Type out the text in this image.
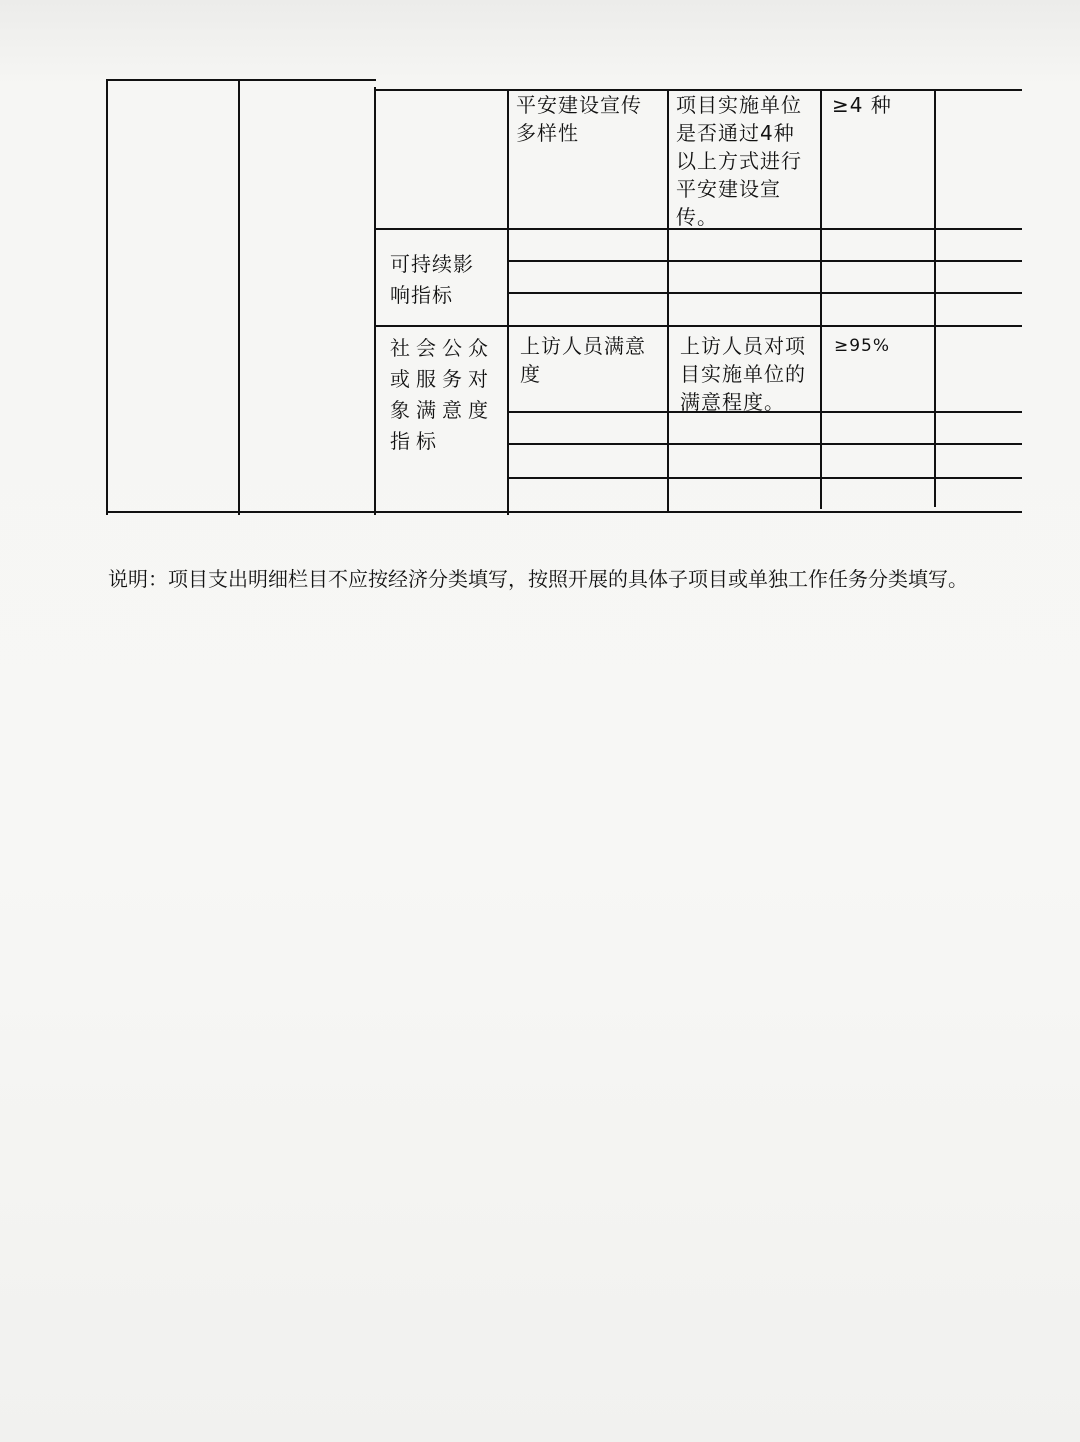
平安建设宣传多样性
项目实施单位是否通过4种以上方式进行平安建设宣传。
≥4 种
可持续影响指标
社会公众或服务对象满意度指标
上访人员满意度
上访人员对项目实施单位的满意程度。
≥95%
说明：项目支出明细栏目不应按经济分类填写，按照开展的具体子项目或单独工作任务分类填写。
